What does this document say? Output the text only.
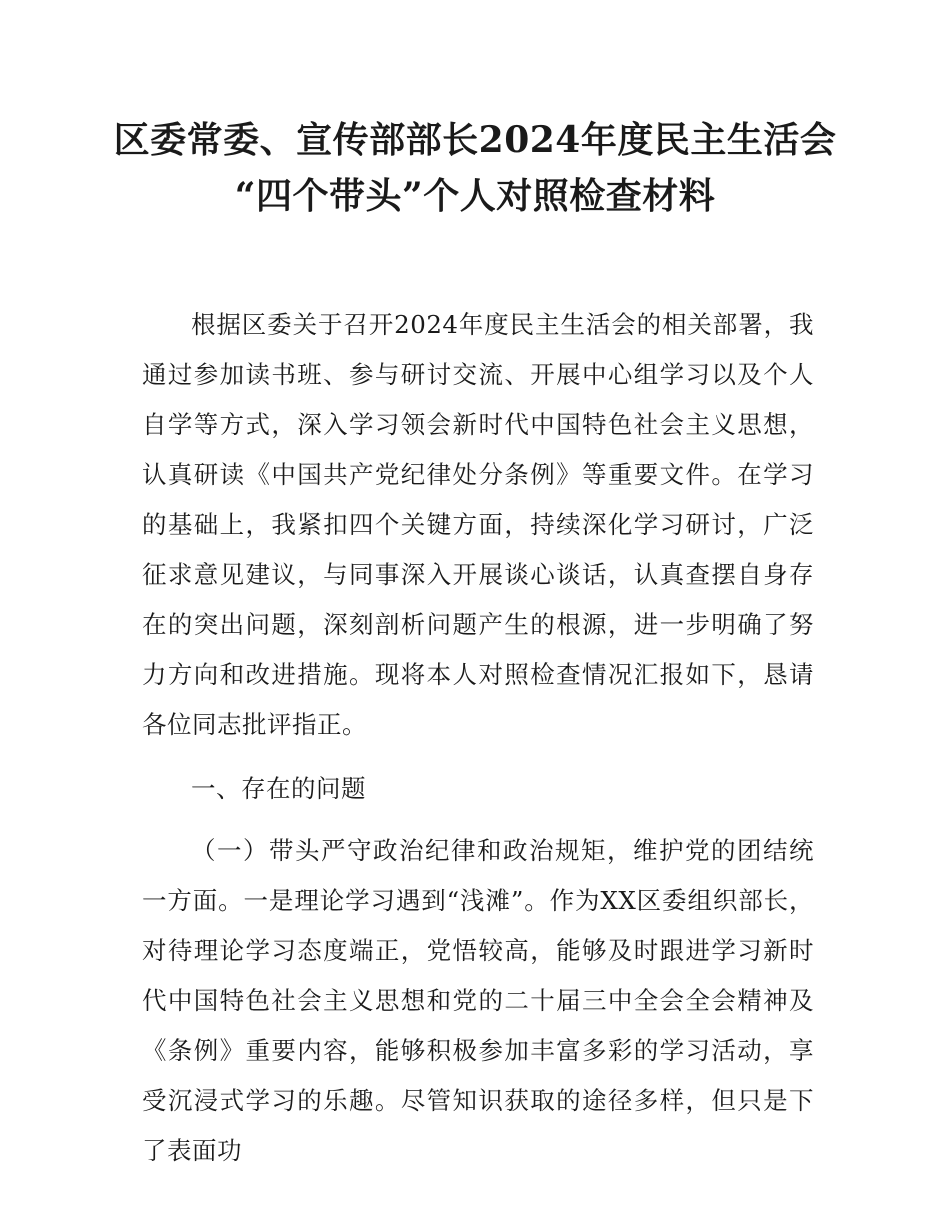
区委常委、宣传部部长2024年度民主生活会
“四个带头”个人对照检查材料

根据区委关于召开2024年度民主生活会的相关部署，我通过参加读书班、参与研讨交流、开展中心组学习以及个人自学等方式，深入学习领会新时代中国特色社会主义思想，认真研读《中国共产党纪律处分条例》等重要文件。在学习的基础上，我紧扣四个关键方面，持续深化学习研讨，广泛征求意见建议，与同事深入开展谈心谈话，认真查摆自身存在的突出问题，深刻剖析问题产生的根源，进一步明确了努力方向和改进措施。现将本人对照检查情况汇报如下，恳请各位同志批评指正。

一、存在的问题

（一）带头严守政治纪律和政治规矩，维护党的团结统一方面。一是理论学习遇到“浅滩”。作为XX区委组织部长，对待理论学习态度端正，党悟较高，能够及时跟进学习新时代中国特色社会主义思想和党的二十届三中全会全会精神及《条例》重要内容，能够积极参加丰富多彩的学习活动，享受沉浸式学习的乐趣。尽管知识获取的途径多样，但只是下了表面功
